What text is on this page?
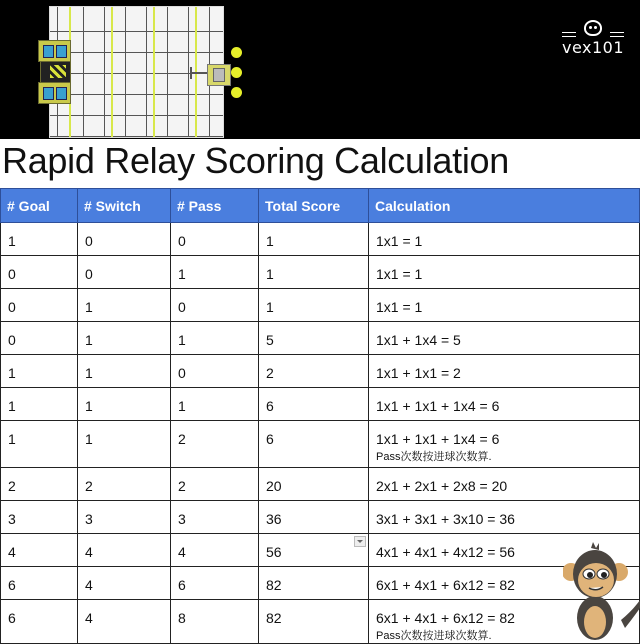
vex101
Rapid Relay Scoring Calculation
# Goal	# Switch	# Pass	Total Score	Calculation
1	0	0	1	1x1 = 1
0	0	1	1	1x1 = 1
0	1	0	1	1x1 = 1
0	1	1	5	1x1 + 1x4 = 5
1	1	0	2	1x1 + 1x1 = 2
1	1	1	6	1x1 + 1x1 + 1x4 = 6
1	1	2	6	1x1 + 1x1 + 1x4 = 6
Pass次数按进球次数算.

2	2	2	20	2x1 + 2x1 + 2x8 = 20
3	3	3	36	3x1 + 3x1 + 3x10 = 36
4	4	4	56	4x1 + 4x1 + 4x12 = 56
6	4	6	82	6x1 + 4x1 + 6x12 = 82
6	4	8	82	6x1 + 4x1 + 6x12 = 82
Pass次数按进球次数算.
